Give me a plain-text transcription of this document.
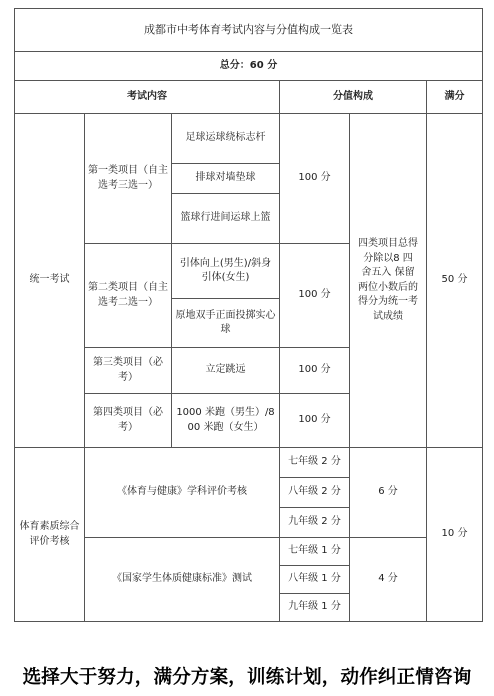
成都市中考体育考试内容与分值构成一览表					
总分：60 分					
考试内容			分值构成		满分
统一考试	第一类项目（自主选考三选一）	足球运球绕标志杆	100 分	四类项目总得分除以8 四 舍五入 保留两位小数后的得分为统一考试成绩	50 分
		排球对墙垫球			
		篮球行进间运球上篮			
	第二类项目（自主选考二选一）	引体向上(男生)/斜身引体(女生)	100 分		
		原地双手正面投掷实心球			
	第三类项目（必考）	立定跳远	100 分		
	第四类项目（必考）	1000 米跑（男生）/800 米跑（女生）	100 分		

体育素质综合评价考核	《体育与健康》学科评价考核		七年级 2 分	6 分	10 分
			八年级 2 分		
			九年级 2 分		
	《国家学生体质健康标准》测试		七年级 1 分	4 分	
			八年级 1 分		
			九年级 1 分		
选择大于努力，满分方案，训练计划，动作纠正情咨询
